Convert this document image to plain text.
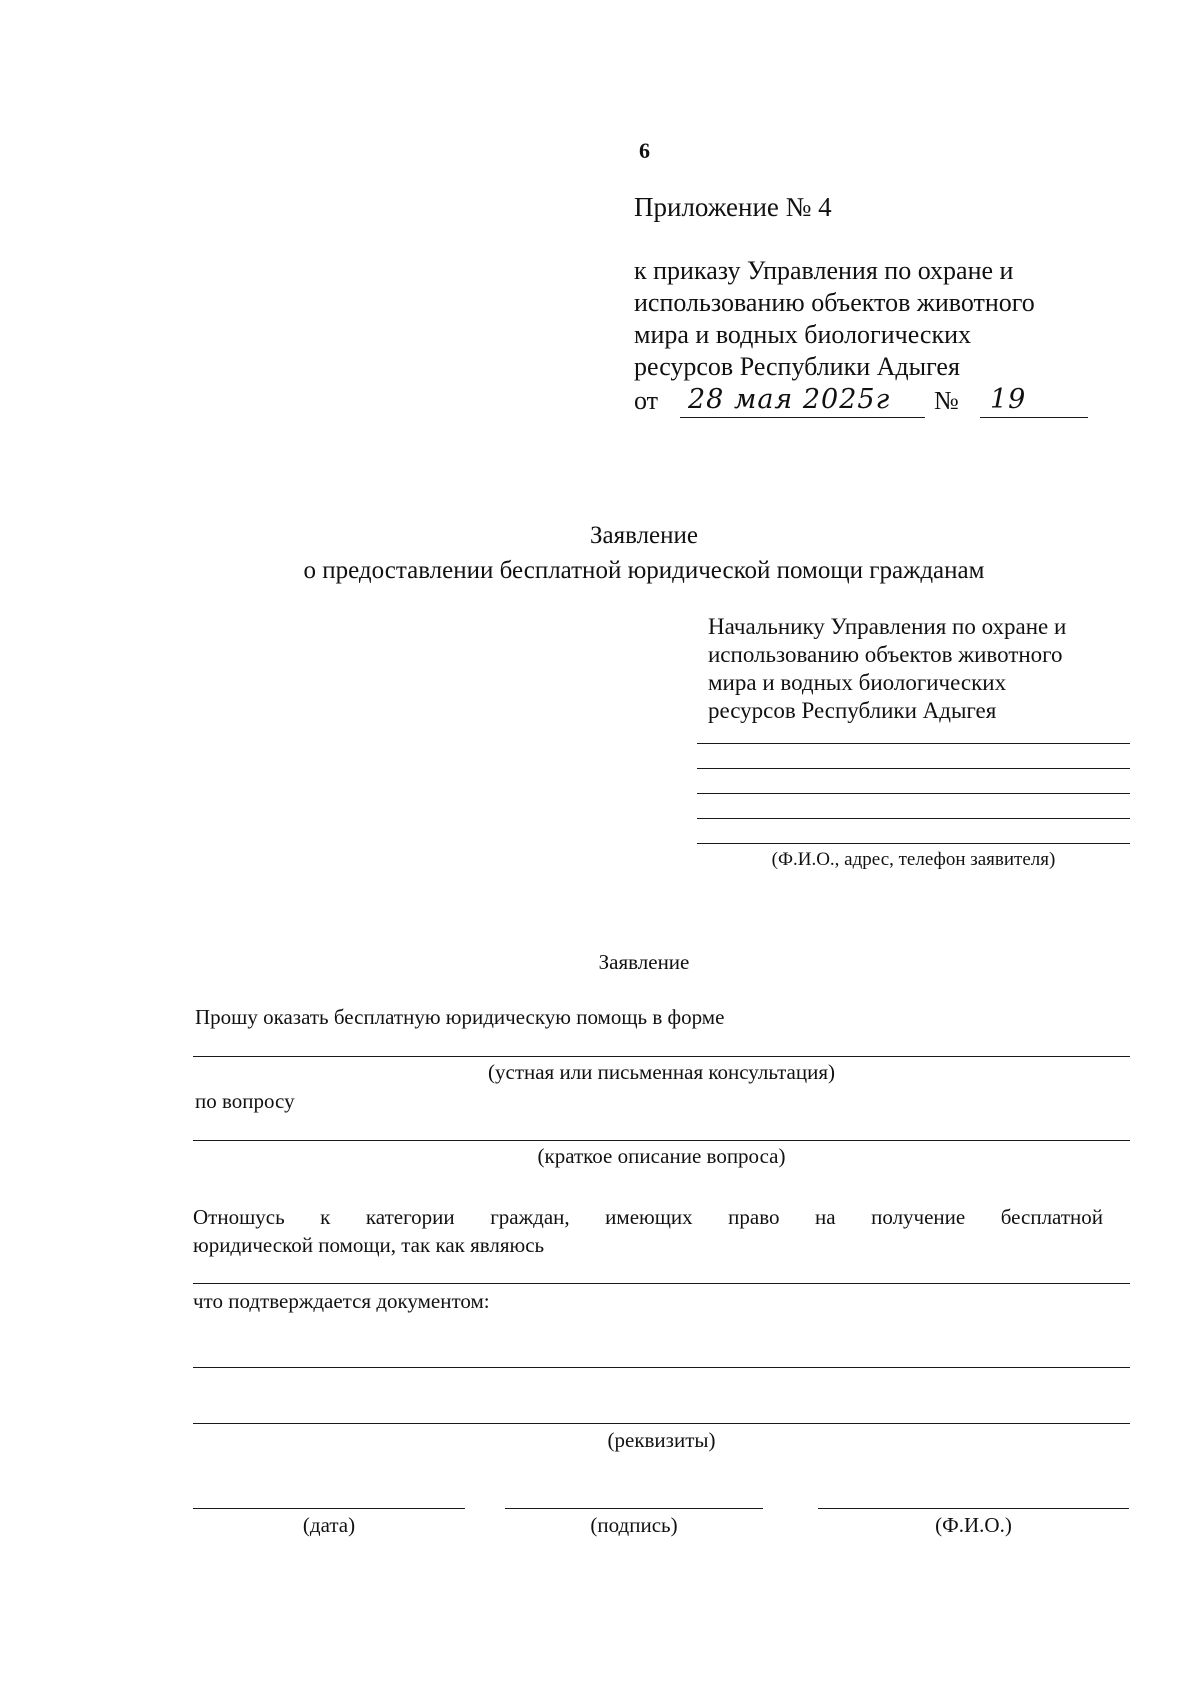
6
Приложение № 4
к приказу Управления по охране и
использованию объектов животного
мира и водных биологических
ресурсов Республики Адыгея
от 28 мая 2025г № 19
Заявление
о предоставлении бесплатной юридической помощи гражданам
Начальнику Управления по охране и
использованию объектов животного
мира и водных биологических
ресурсов Республики Адыгея
(Ф.И.О., адрес, телефон заявителя)
Заявление
Прошу оказать бесплатную юридическую помощь в форме
(устная или письменная консультация)
по вопросу
(краткое описание вопроса)
Отношусь к категории граждан, имеющих право на получение бесплатной
юридической помощи, так как являюсь
что подтверждается документом:
(реквизиты)
(дата)	(подпись)	(Ф.И.О.)
